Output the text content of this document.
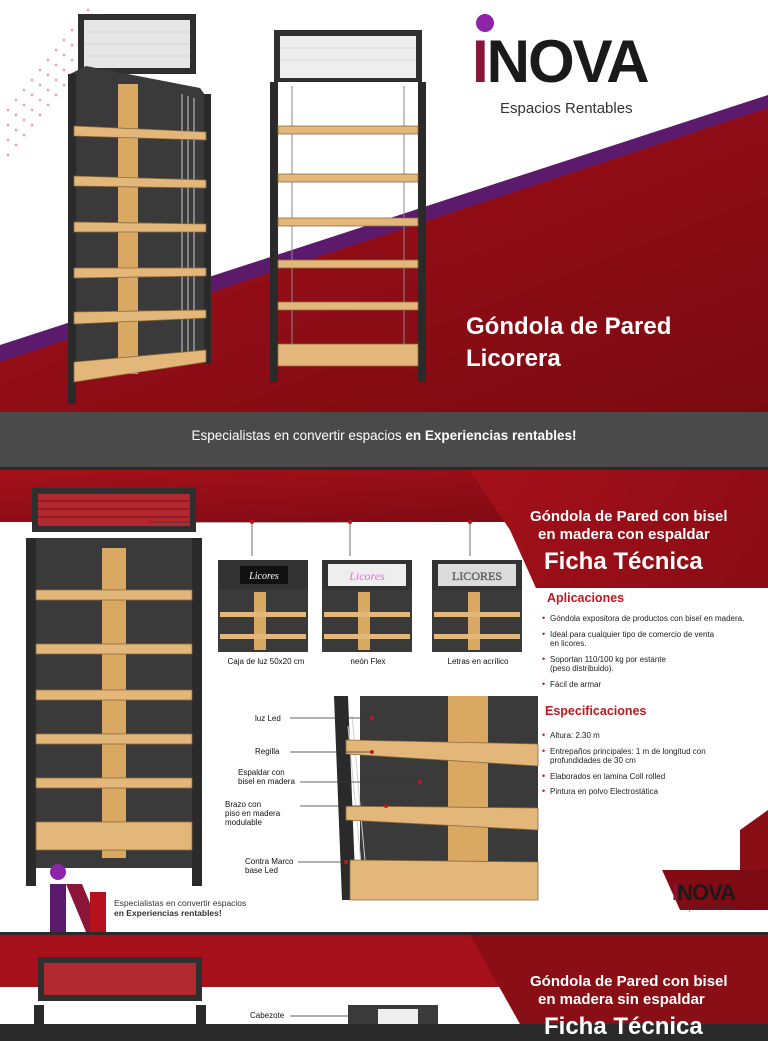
INOVA
Espacios Rentables
Góndola de Pared
Licorera

Especialistas en convertir espacios en Experiencias rentables!

Licores	Licores	LICORES
Caja de luz 50x20 cm	neón Flex	Letras en acrílico
luz Led
Regilla
Espaldar con
bisel en madera
Brazo con
piso en madera
modulable
Contra Marco
base Led
Góndola de Pared con bisel
en madera con espaldar
Ficha Técnica
Aplicaciones
• Góndola expositora de productos con bisel en madera.
• Ideal para cualquier tipo de comercio de venta en licores.
• Soportan 110/100 kg por estante (peso distribuido).
• Fácil de armar
Especificaciones
• Altura: 2.30 m
• Entrepaños principales: 1 m de longitud con profundidades de 30 cm
• Elaborados en lamina Coll rolled
• Pintura en polvo Electrostática
Especialistas en convertir espacios
en Experiencias rentables!
INOVA
Espacios Rentables
Cabezote
Góndola de Pared con bisel
en madera sin espaldar
Ficha Técnica
